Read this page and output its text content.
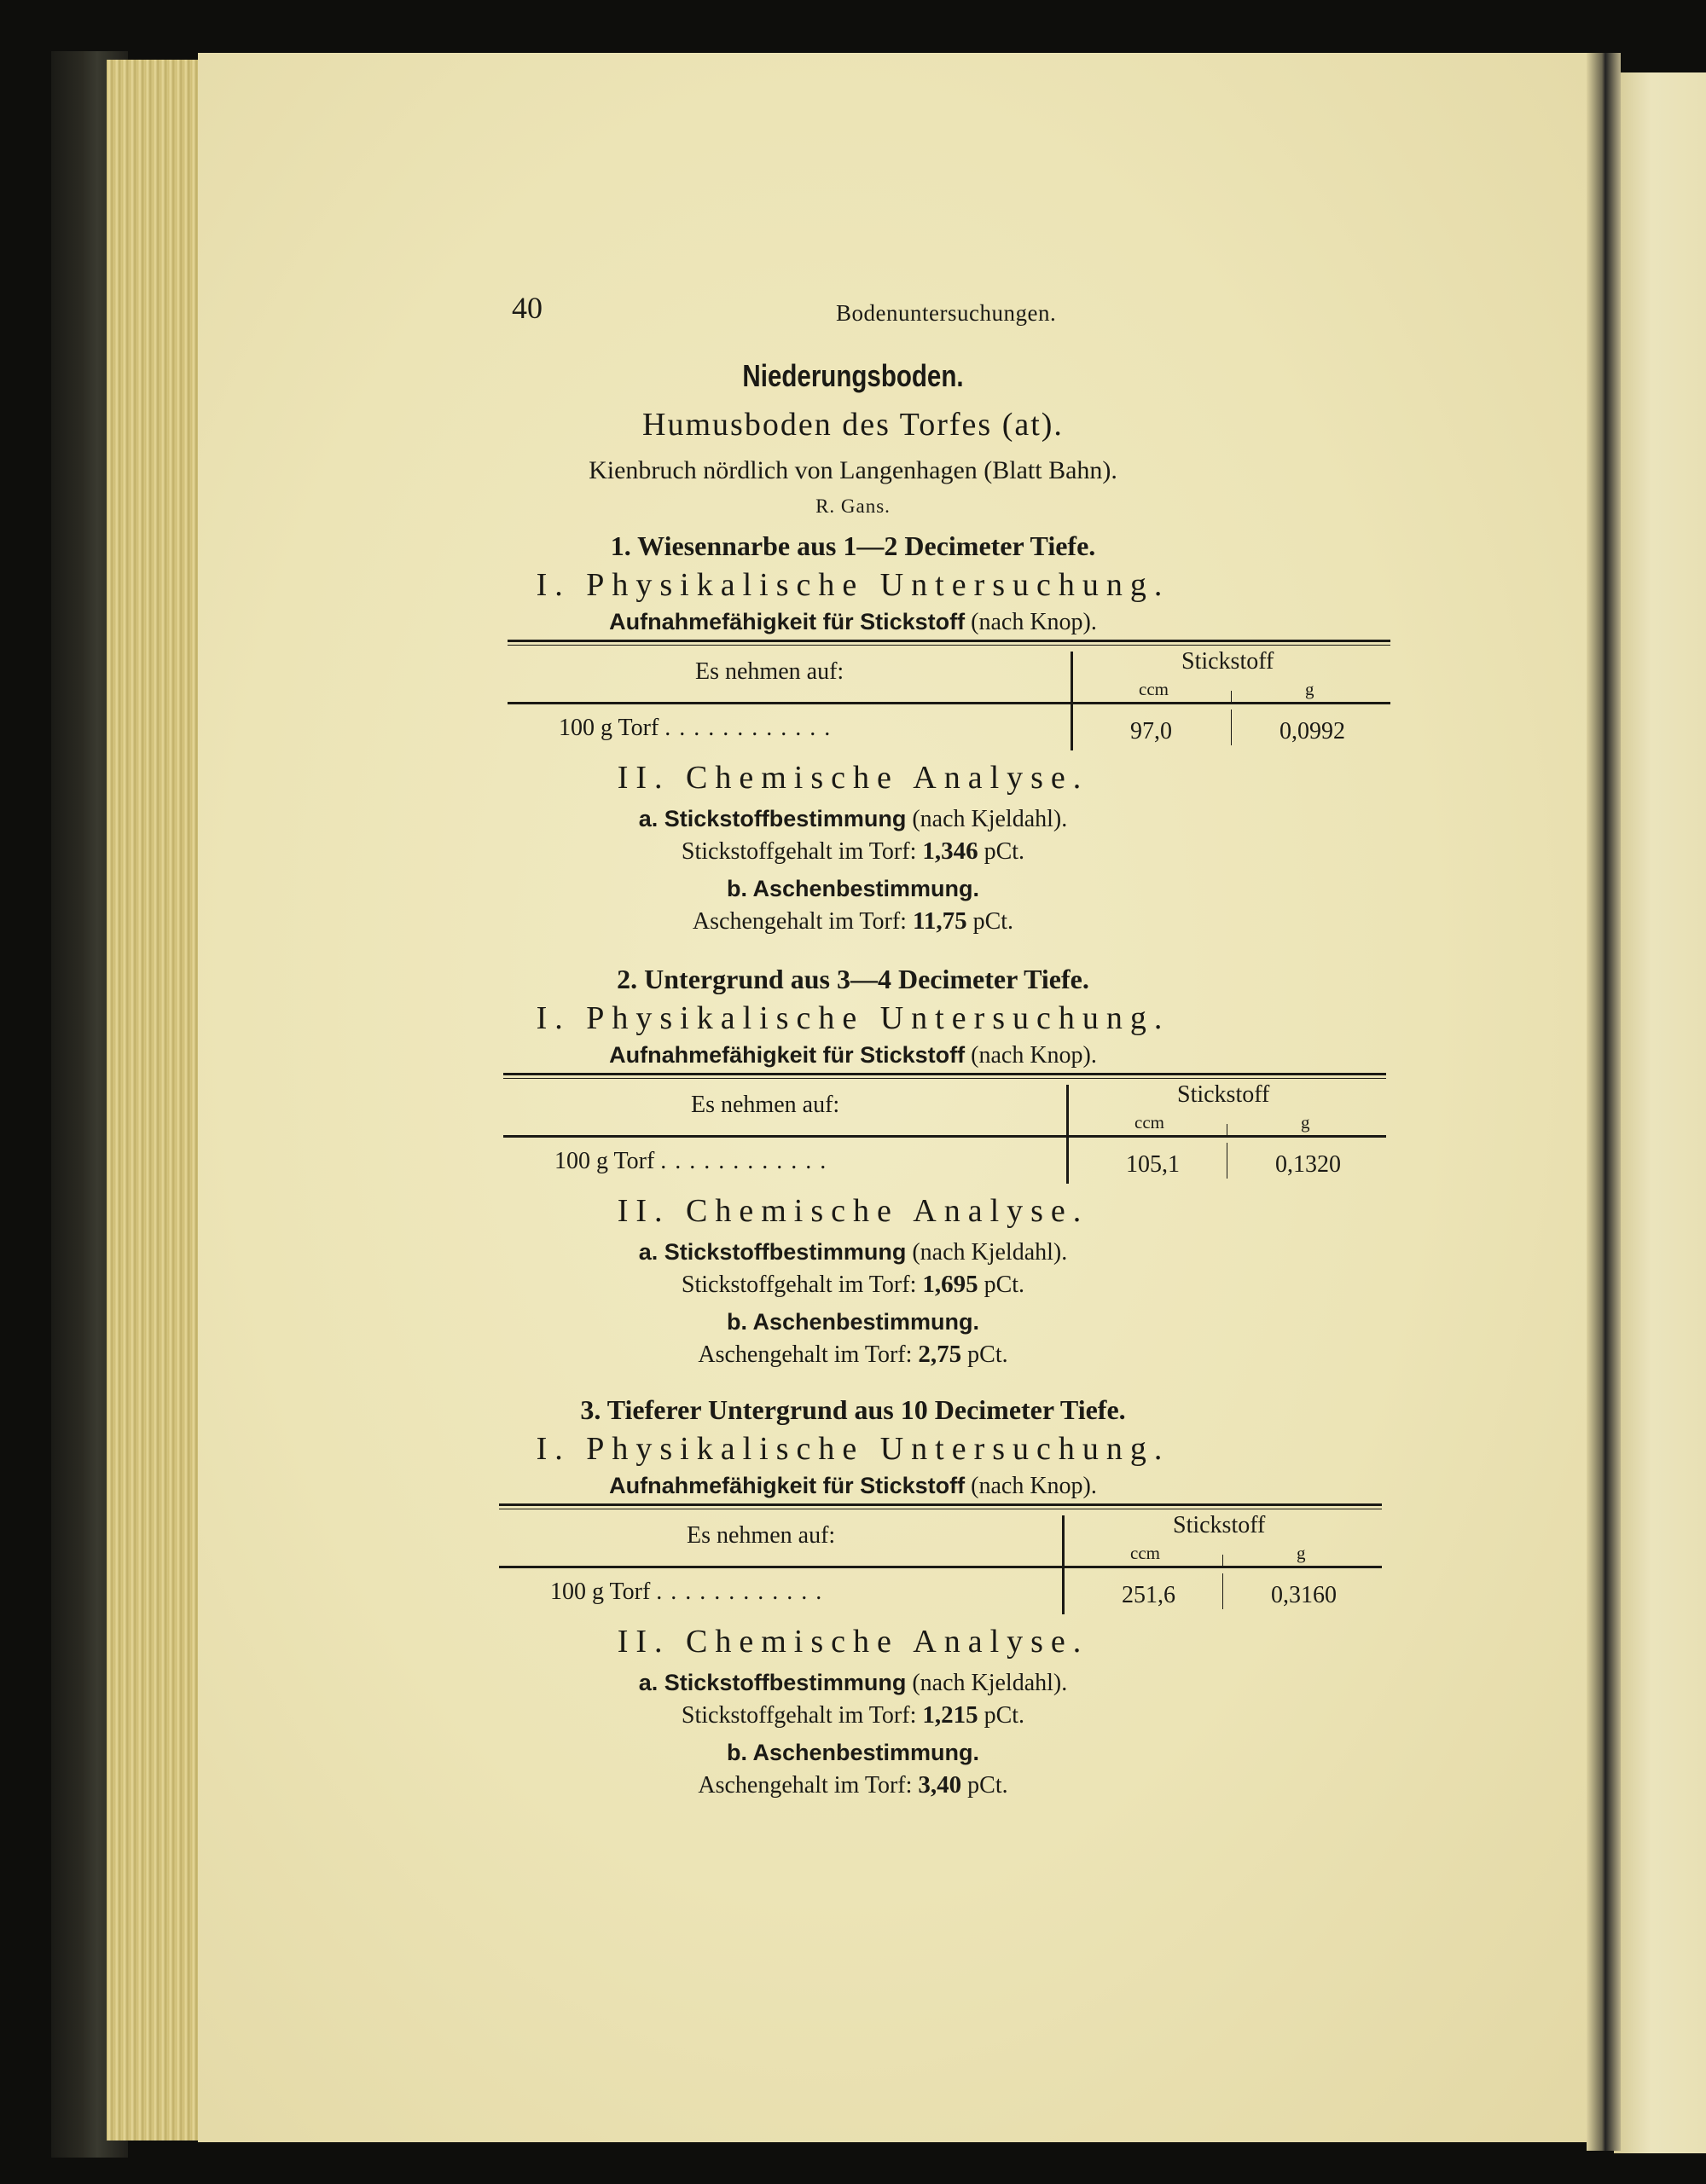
40	Bodenuntersuchungen.
Niederungsboden.
Humusboden des Torfes (at).
Kienbruch nördlich von Langenhagen (Blatt Bahn).
R. Gans.
1. Wiesennarbe aus 1—2 Decimeter Tiefe.
I. Physikalische Untersuchung.
Aufnahmefähigkeit für Stickstoff (nach Knop).
Es nehmen auf:	Stickstoff
ccm	g
100 g Torf ............	97,0	0,0992
II. Chemische Analyse.
a. Stickstoffbestimmung (nach Kjeldahl).
Stickstoffgehalt im Torf: 1,346 pCt.
b. Aschenbestimmung.
Aschengehalt im Torf: 11,75 pCt.
2. Untergrund aus 3—4 Decimeter Tiefe.
I. Physikalische Untersuchung.
Aufnahmefähigkeit für Stickstoff (nach Knop).
Es nehmen auf:	Stickstoff
ccm	g
100 g Torf ............	105,1	0,1320
II. Chemische Analyse.
a. Stickstoffbestimmung (nach Kjeldahl).
Stickstoffgehalt im Torf: 1,695 pCt.
b. Aschenbestimmung.
Aschengehalt im Torf: 2,75 pCt.
3. Tieferer Untergrund aus 10 Decimeter Tiefe.
I. Physikalische Untersuchung.
Aufnahmefähigkeit für Stickstoff (nach Knop).
Es nehmen auf:	Stickstoff
ccm	g
100 g Torf ............	251,6	0,3160
II. Chemische Analyse.
a. Stickstoffbestimmung (nach Kjeldahl).
Stickstoffgehalt im Torf: 1,215 pCt.
b. Aschenbestimmung.
Aschengehalt im Torf: 3,40 pCt.
